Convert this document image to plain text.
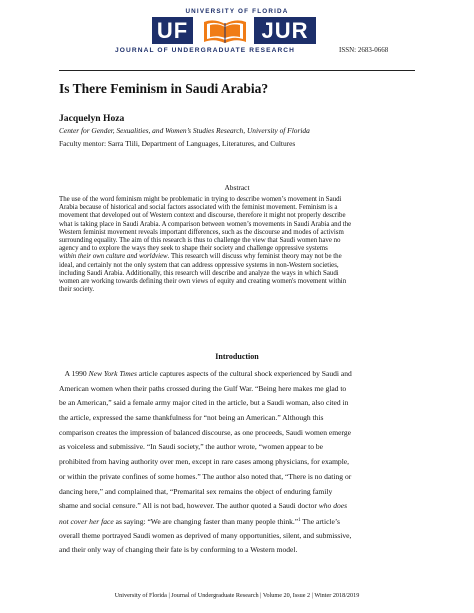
UNIVERSITY OF FLORIDA
UF	JUR
JOURNAL OF UNDERGRADUATE RESEARCH	ISSN: 2683-0668
Is There Feminism in Saudi Arabia?
Jacquelyn Hoza
Center for Gender, Sexualities, and Women’s Studies Research, University of Florida
Faculty mentor: Sarra Tlili, Department of Languages, Literatures, and Cultures
Abstract
The use of the word feminism might be problematic in trying to describe women’s movement in Saudi
Arabia because of historical and social factors associated with the feminist movement. Feminism is a
movement that developed out of Western context and discourse, therefore it might not properly describe
what is taking place in Saudi Arabia. A comparison between women’s movements in Saudi Arabia and the
Western feminist movement reveals important differences, such as the discourse and modes of activism
surrounding equality. The aim of this research is thus to challenge the view that Saudi women have no
agency and to explore the ways they seek to shape their society and challenge oppressive systems
within their own culture and worldview. This research will discuss why feminist theory may not be the
ideal, and certainly not the only system that can address oppressive systems in non-Western societies,
including Saudi Arabia. Additionally, this research will describe and analyze the ways in which Saudi
women are working towards defining their own views of equity and creating women's movement within
their society.
Introduction
A 1990 New York Times article captures aspects of the cultural shock experienced by Saudi and
American women when their paths crossed during the Gulf War. “Being here makes me glad to
be an American,” said a female army major cited in the article, but a Saudi woman, also cited in
the article, expressed the same thankfulness for “not being an American.” Although this
comparison creates the impression of balanced discourse, as one proceeds, Saudi women emerge
as voiceless and submissive. “In Saudi society,” the author wrote, “women appear to be
prohibited from having authority over men, except in rare cases among physicians, for example,
or within the private confines of some homes.” The author also noted that, “There is no dating or
dancing here,” and complained that, “Premarital sex remains the object of enduring family
shame and social censure.” All is not bad, however. The author quoted a Saudi doctor who does
not cover her face as saying: “We are changing faster than many people think.”$^1$ The article’s
overall theme portrayed Saudi women as deprived of many opportunities, silent, and submissive,
and their only way of changing their fate is by conforming to a Western model.
University of Florida | Journal of Undergraduate Research | Volume 20, Issue 2 | Winter 2018/2019
